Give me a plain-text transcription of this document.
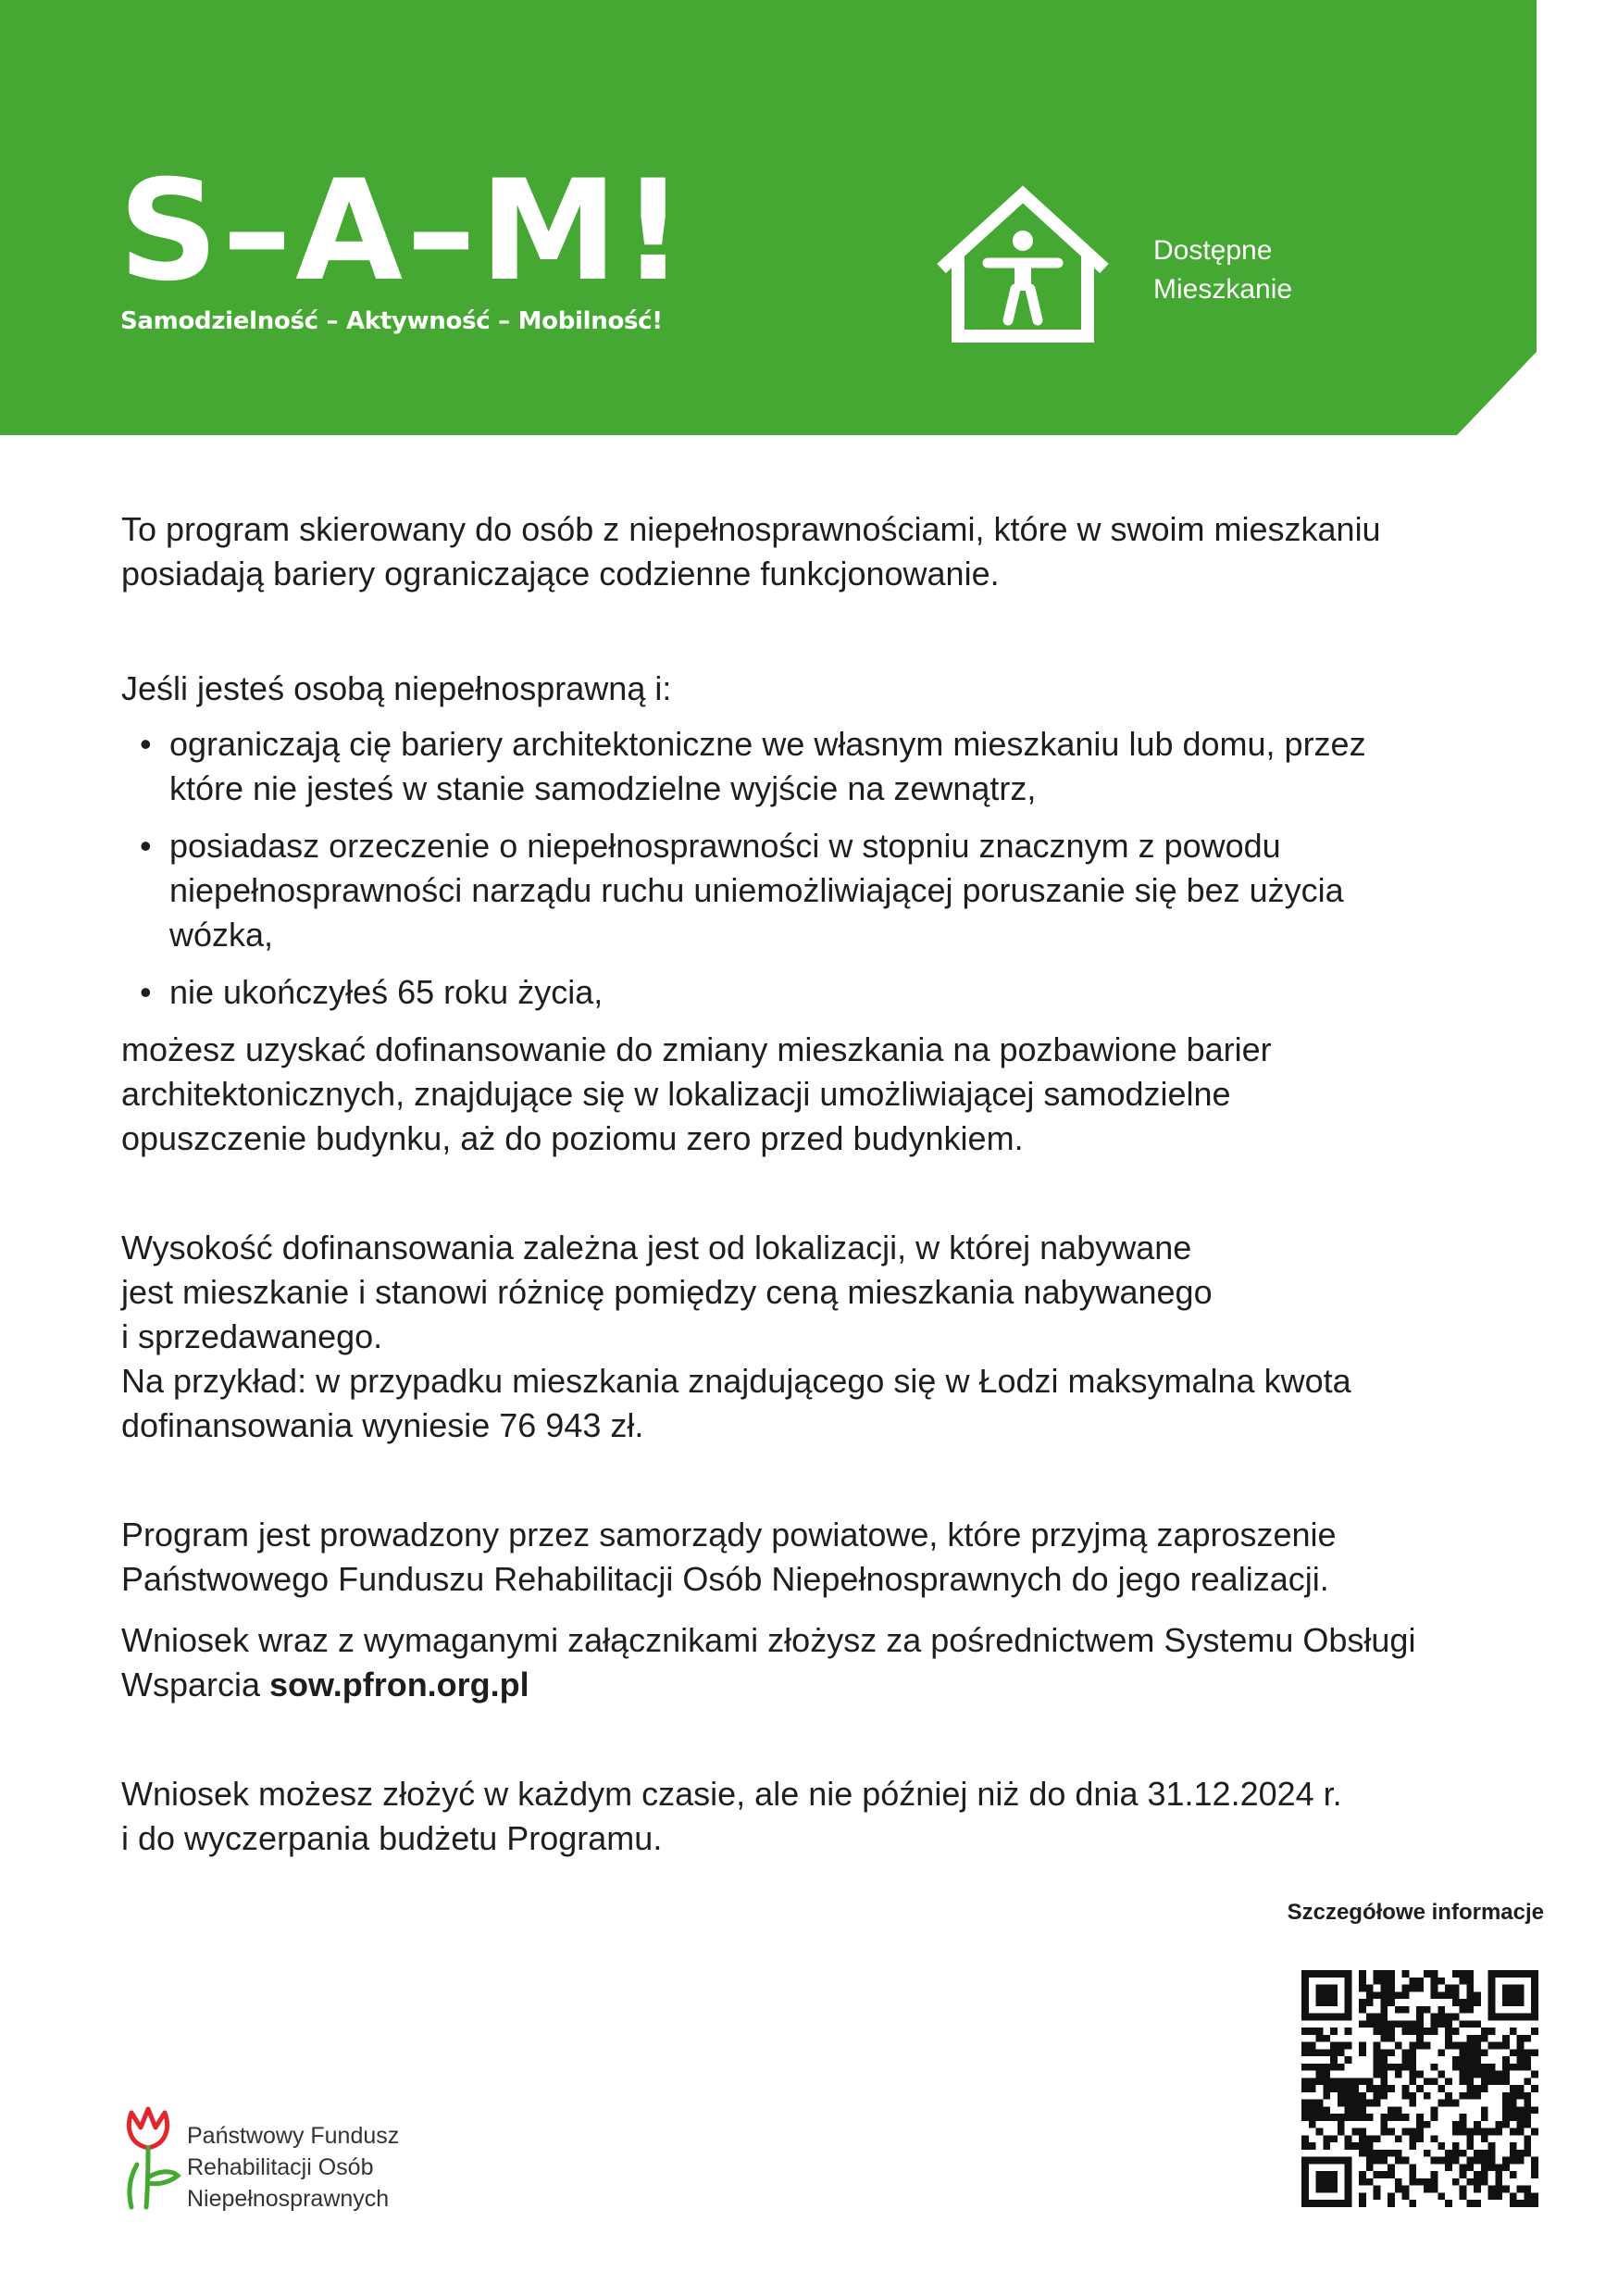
S–A–M!
Samodzielność – Aktywność – Mobilność!
Dostępne
Mieszkanie

To program skierowany do osób z niepełnosprawnościami, które w swoim mieszkaniu
posiadają bariery ograniczające codzienne funkcjonowanie.

Jeśli jesteś osobą niepełnosprawną i:

• ograniczają cię bariery architektoniczne we własnym mieszkaniu lub domu, przez
które nie jesteś w stanie samodzielne wyjście na zewnątrz,
• posiadasz orzeczenie o niepełnosprawności w stopniu znacznym z powodu
niepełnosprawności narządu ruchu uniemożliwiającej poruszanie się bez użycia
wózka,
• nie ukończyłeś 65 roku życia,

możesz uzyskać dofinansowanie do zmiany mieszkania na pozbawione barier
architektonicznych, znajdujące się w lokalizacji umożliwiającej samodzielne
opuszczenie budynku, aż do poziomu zero przed budynkiem.

Wysokość dofinansowania zależna jest od lokalizacji, w której nabywane
jest mieszkanie i stanowi różnicę pomiędzy ceną mieszkania nabywanego
i sprzedawanego.
Na przykład: w przypadku mieszkania znajdującego się w Łodzi maksymalna kwota
dofinansowania wyniesie 76 943 zł.

Program jest prowadzony przez samorządy powiatowe, które przyjmą zaproszenie
Państwowego Funduszu Rehabilitacji Osób Niepełnosprawnych do jego realizacji.

Wniosek wraz z wymaganymi załącznikami złożysz za pośrednictwem Systemu Obsługi
Wsparcia sow.pfron.org.pl

Wniosek możesz złożyć w każdym czasie, ale nie później niż do dnia 31.12.2024 r.
i do wyczerpania budżetu Programu.

Szczegółowe informacje
Państwowy Fundusz
Rehabilitacji Osób
Niepełnosprawnych
